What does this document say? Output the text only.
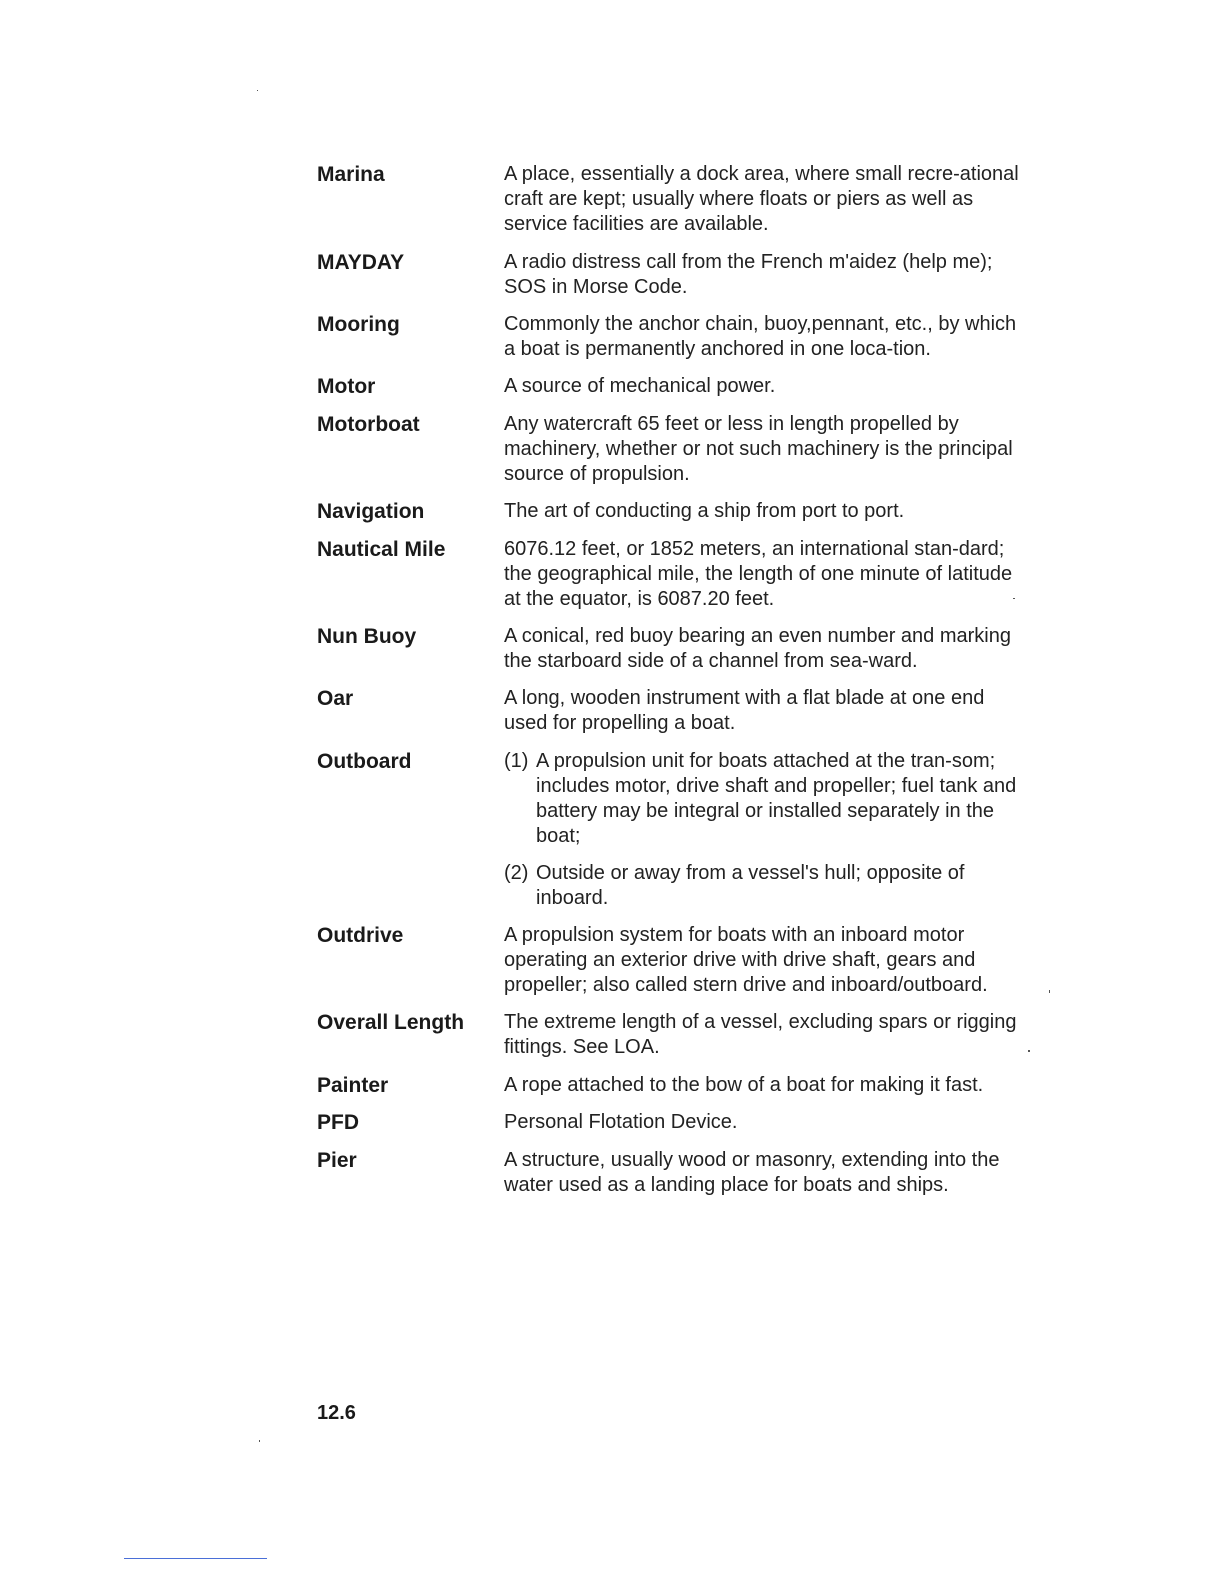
Marina	A place, essentially a dock area, where small recre-ational craft are kept; usually where floats or piers as well as service facilities are available.
MAYDAY	A radio distress call from the French m'aidez (help me); SOS in Morse Code.
Mooring	Commonly the anchor chain, buoy,pennant, etc., by which a boat is permanently anchored in one loca-tion.
Motor	A source of mechanical power.
Motorboat	Any watercraft 65 feet or less in length propelled by machinery, whether or not such machinery is the principal source of propulsion.
Navigation	The art of conducting a ship from port to port.
Nautical Mile	6076.12 feet, or 1852 meters, an international stan-dard; the geographical mile, the length of one minute of latitude at the equator, is 6087.20 feet.
Nun Buoy	A conical, red buoy bearing an even number and marking the starboard side of a channel from sea-ward.
Oar	A long, wooden instrument with a flat blade at one end used for propelling a boat.
Outboard	(1) A propulsion unit for boats attached at the tran-som; includes motor, drive shaft and propeller; fuel tank and battery may be integral or installed separately in the boat;
(2) Outside or away from a vessel's hull; opposite of inboard.
Outdrive	A propulsion system for boats with an inboard motor operating an exterior drive with drive shaft, gears and propeller; also called stern drive and inboard/outboard.
Overall Length	The extreme length of a vessel, excluding spars or rigging fittings. See LOA.
Painter	A rope attached to the bow of a boat for making it fast.
PFD	Personal Flotation Device.
Pier	A structure, usually wood or masonry, extending into the water used as a landing place for boats and ships.
12.6
